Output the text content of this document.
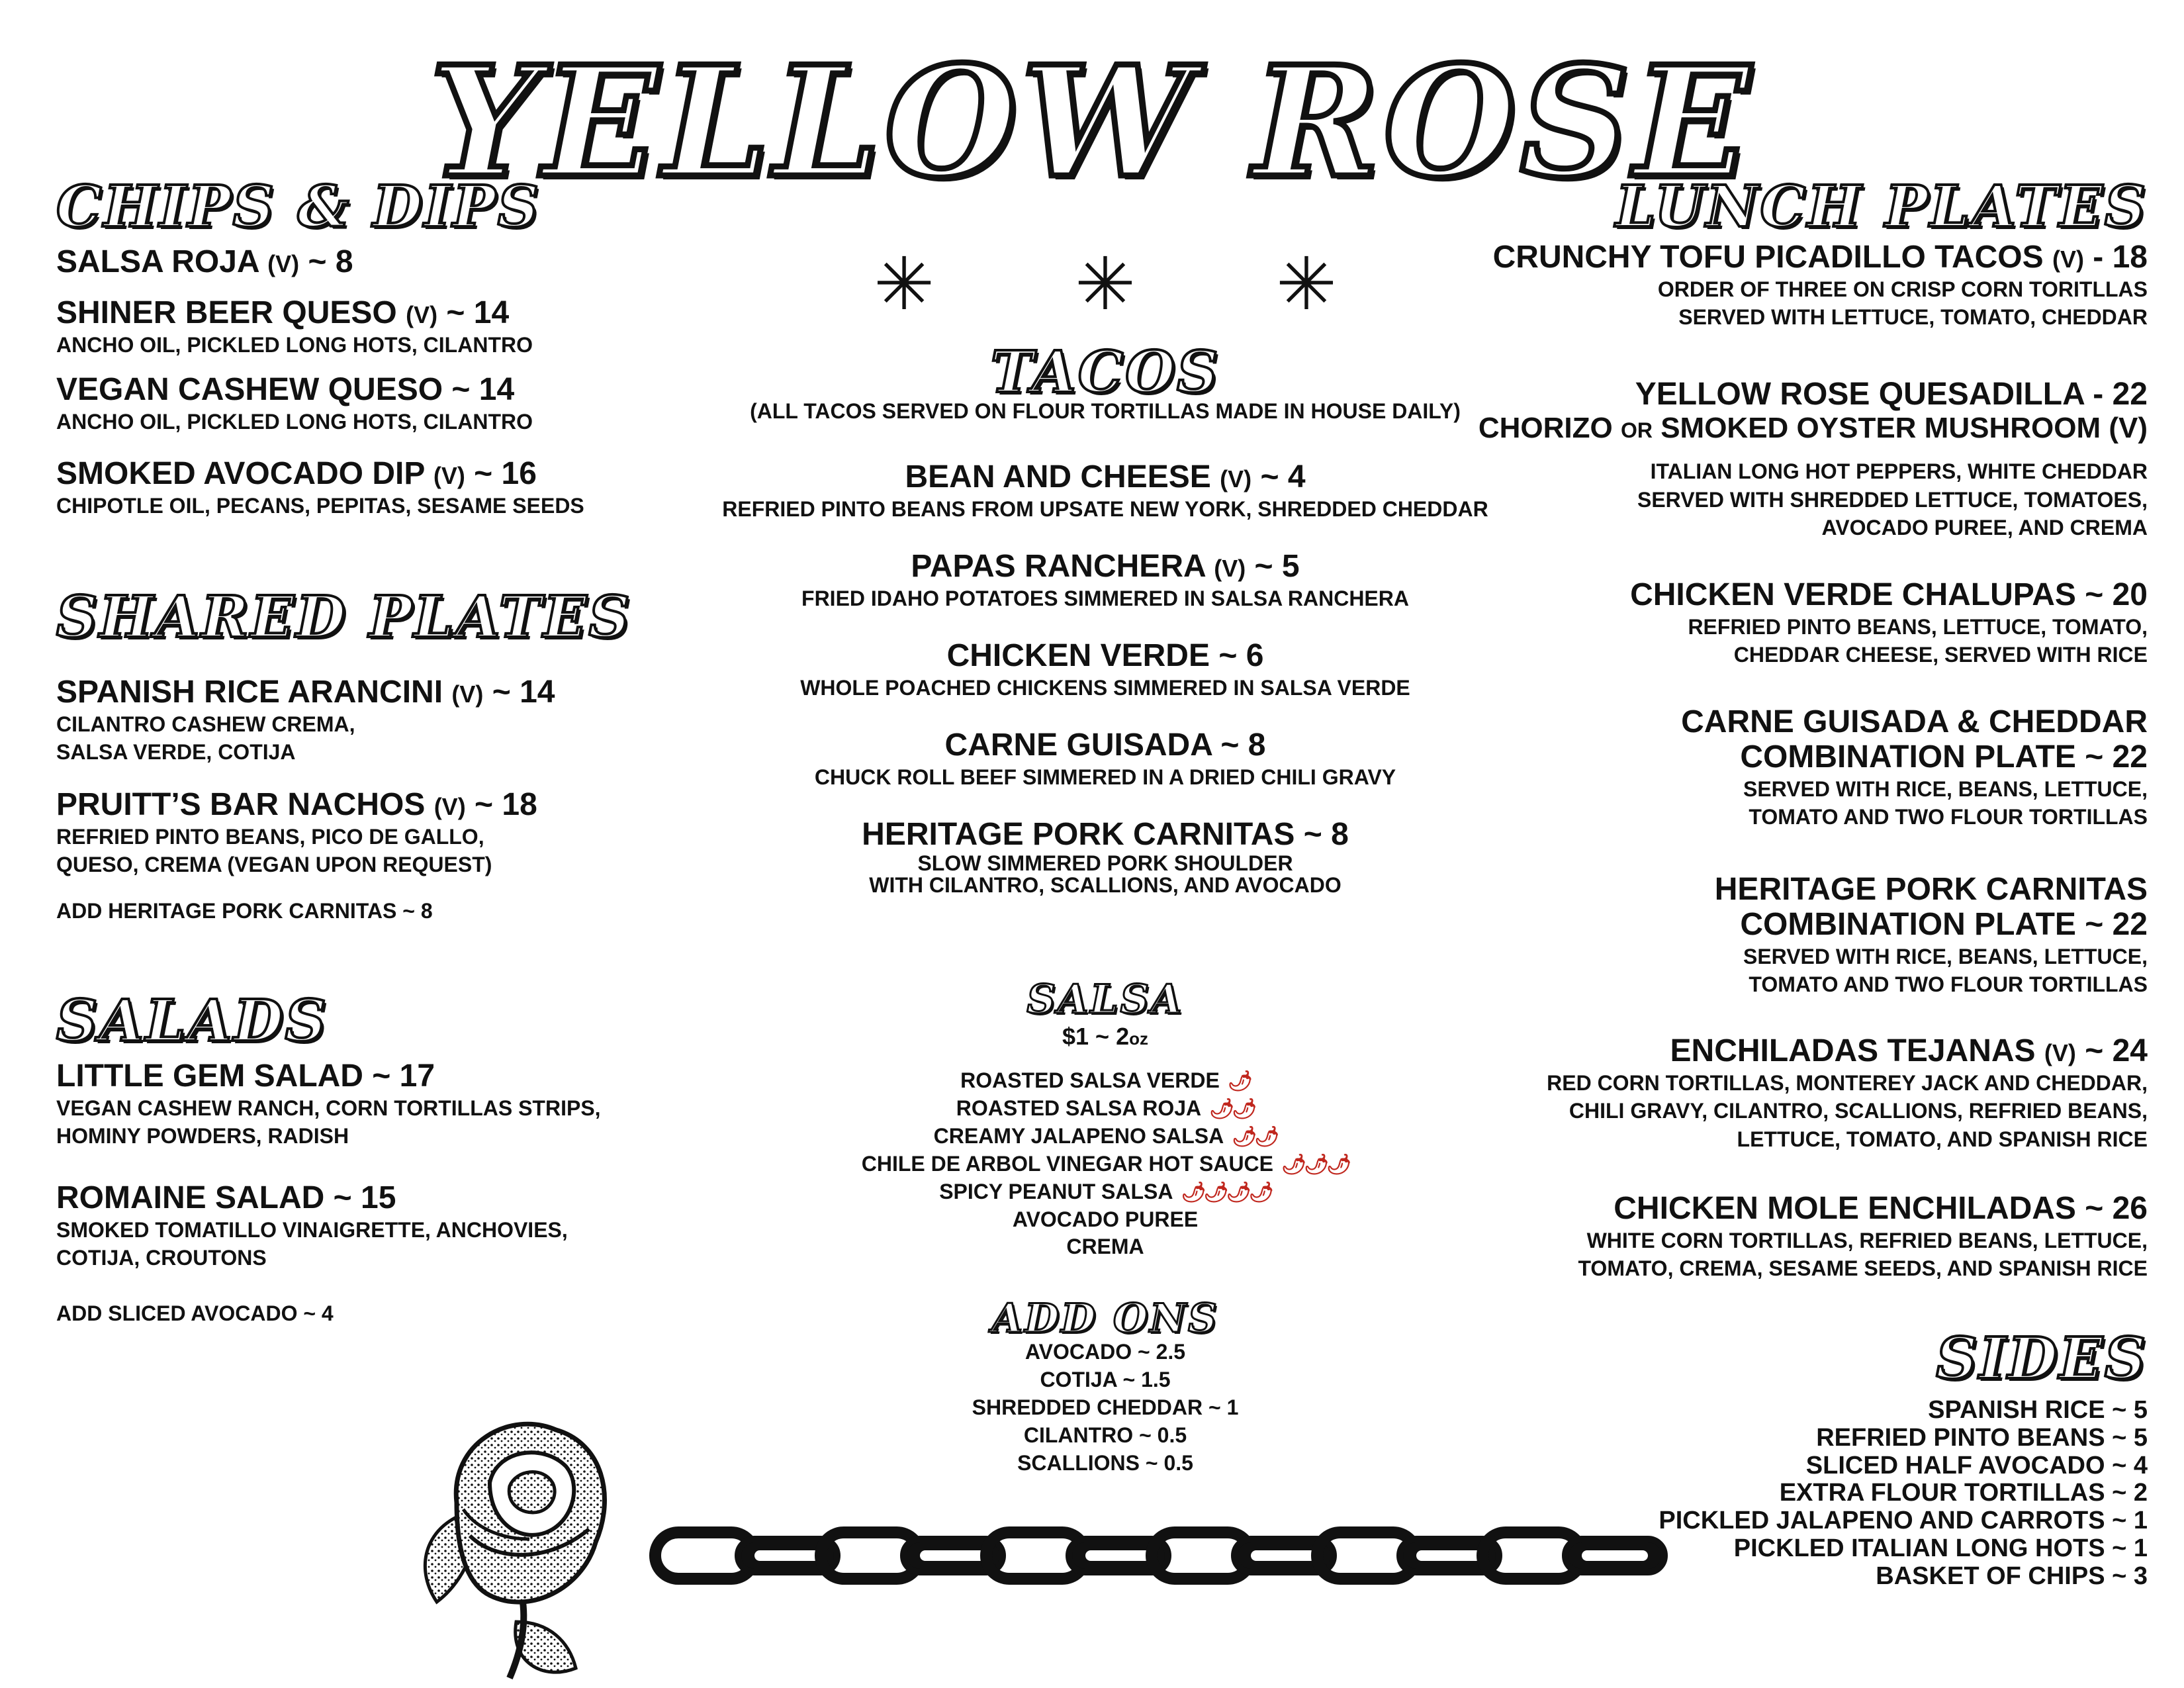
YELLOW ROSE
✳ ✳ ✳
CHIPS & DIPS
SALSA ROJA (V) ~ 8
SHINER BEER QUESO (V) ~ 14
ANCHO OIL, PICKLED LONG HOTS, CILANTRO
VEGAN CASHEW QUESO ~ 14
ANCHO OIL, PICKLED LONG HOTS, CILANTRO
SMOKED AVOCADO DIP (V) ~ 16
CHIPOTLE OIL, PECANS, PEPITAS, SESAME SEEDS
SHARED PLATES
SPANISH RICE ARANCINI (V) ~ 14
CILANTRO CASHEW CREMA,
SALSA VERDE, COTIJA
PRUITT’S BAR NACHOS (V) ~ 18
REFRIED PINTO BEANS, PICO DE GALLO,
QUESO, CREMA (VEGAN UPON REQUEST)
ADD HERITAGE PORK CARNITAS ~ 8
SALADS
LITTLE GEM SALAD ~ 17
VEGAN CASHEW RANCH, CORN TORTILLAS STRIPS,
HOMINY POWDERS, RADISH
ROMAINE SALAD ~ 15
SMOKED TOMATILLO VINAIGRETTE, ANCHOVIES,
COTIJA, CROUTONS
ADD SLICED AVOCADO ~ 4
TACOS
(ALL TACOS SERVED ON FLOUR TORTILLAS MADE IN HOUSE DAILY)
BEAN AND CHEESE (V) ~ 4
REFRIED PINTO BEANS FROM UPSATE NEW YORK, SHREDDED CHEDDAR
PAPAS RANCHERA (V) ~ 5
FRIED IDAHO POTATOES SIMMERED IN SALSA RANCHERA
CHICKEN VERDE ~ 6
WHOLE POACHED CHICKENS SIMMERED IN SALSA VERDE
CARNE GUISADA ~ 8
CHUCK ROLL BEEF SIMMERED IN A DRIED CHILI GRAVY
HERITAGE PORK CARNITAS ~ 8
SLOW SIMMERED PORK SHOULDER
WITH CILANTRO, SCALLIONS, AND AVOCADO
SALSA
$1 ~ 2oz
ROASTED SALSA VERDE 🌶
ROASTED SALSA ROJA 🌶🌶
CREAMY JALAPENO SALSA 🌶🌶
CHILE DE ARBOL VINEGAR HOT SAUCE 🌶🌶🌶
SPICY PEANUT SALSA 🌶🌶🌶🌶
AVOCADO PUREE
CREMA
ADD ONS
AVOCADO ~ 2.5
COTIJA ~ 1.5
SHREDDED CHEDDAR ~ 1
CILANTRO ~ 0.5
SCALLIONS ~ 0.5
LUNCH PLATES
CRUNCHY TOFU PICADILLO TACOS (V) - 18
ORDER OF THREE ON CRISP CORN TORITLLAS
SERVED WITH LETTUCE, TOMATO, CHEDDAR
YELLOW ROSE QUESADILLA - 22
CHORIZO OR SMOKED OYSTER MUSHROOM (V)
ITALIAN LONG HOT PEPPERS, WHITE CHEDDAR
SERVED WITH SHREDDED LETTUCE, TOMATOES,
AVOCADO PUREE, AND CREMA
CHICKEN VERDE CHALUPAS ~ 20
REFRIED PINTO BEANS, LETTUCE, TOMATO,
CHEDDAR CHEESE, SERVED WITH RICE
CARNE GUISADA & CHEDDAR
COMBINATION PLATE ~ 22
SERVED WITH RICE, BEANS, LETTUCE,
TOMATO AND TWO FLOUR TORTILLAS
HERITAGE PORK CARNITAS
COMBINATION PLATE ~ 22
SERVED WITH RICE, BEANS, LETTUCE,
TOMATO AND TWO FLOUR TORTILLAS
ENCHILADAS TEJANAS (V) ~ 24
RED CORN TORTILLAS, MONTEREY JACK AND CHEDDAR,
CHILI GRAVY, CILANTRO, SCALLIONS, REFRIED BEANS,
LETTUCE, TOMATO, AND SPANISH RICE
CHICKEN MOLE ENCHILADAS ~ 26
WHITE CORN TORTILLAS, REFRIED BEANS, LETTUCE,
TOMATO, CREMA, SESAME SEEDS, AND SPANISH RICE
SIDES
SPANISH RICE ~ 5
REFRIED PINTO BEANS ~ 5
SLICED HALF AVOCADO ~ 4
EXTRA FLOUR TORTILLAS ~ 2
PICKLED JALAPENO AND CARROTS ~ 1
PICKLED ITALIAN LONG HOTS ~ 1
BASKET OF CHIPS ~ 3
